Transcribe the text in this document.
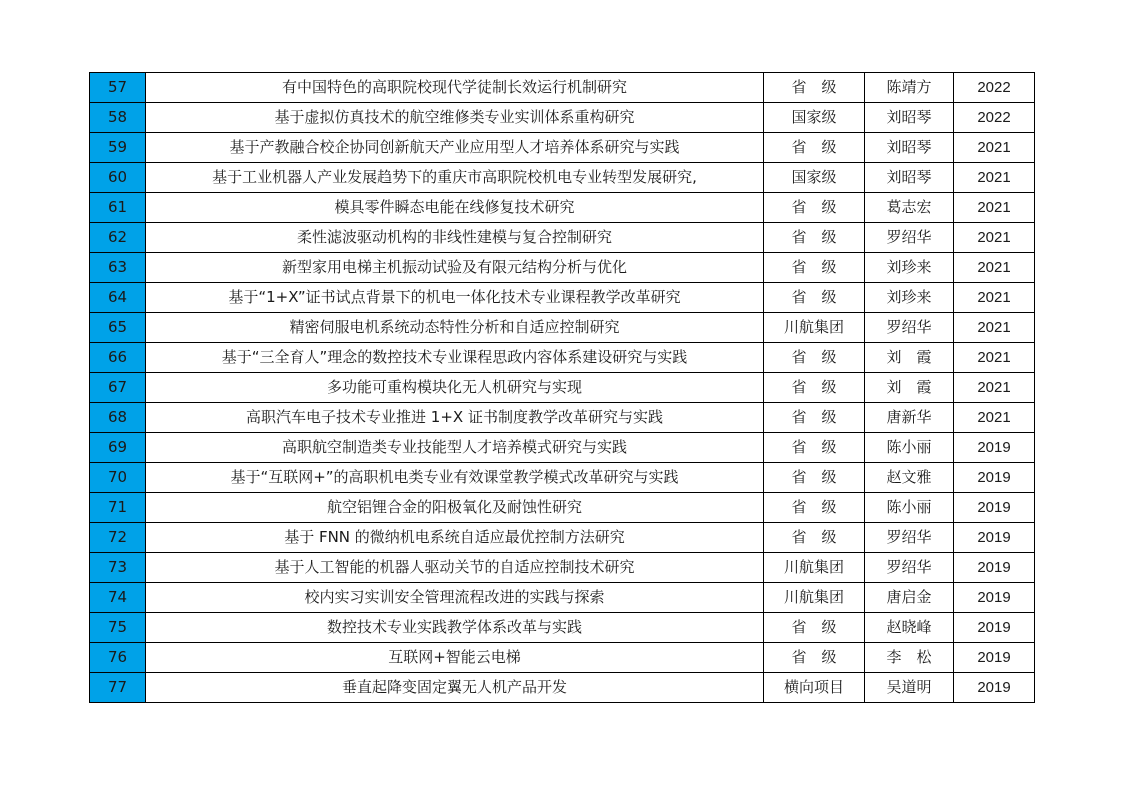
57	有中国特色的高职院校现代学徒制长效运行机制研究	省　级	陈靖方	2022
58	基于虚拟仿真技术的航空维修类专业实训体系重构研究	国家级	刘昭琴	2022
59	基于产教融合校企协同创新航天产业应用型人才培养体系研究与实践	省　级	刘昭琴	2021
60	基于工业机器人产业发展趋势下的重庆市高职院校机电专业转型发展研究,	国家级	刘昭琴	2021
61	模具零件瞬态电能在线修复技术研究	省　级	葛志宏	2021
62	柔性滤波驱动机构的非线性建模与复合控制研究	省　级	罗绍华	2021
63	新型家用电梯主机振动试验及有限元结构分析与优化	省　级	刘珍来	2021
64	基于“1+X”证书试点背景下的机电一体化技术专业课程教学改革研究	省　级	刘珍来	2021
65	精密伺服电机系统动态特性分析和自适应控制研究	川航集团	罗绍华	2021
66	基于“三全育人”理念的数控技术专业课程思政内容体系建设研究与实践	省　级	刘　霞	2021
67	多功能可重构模块化无人机研究与实现	省　级	刘　霞	2021
68	高职汽车电子技术专业推进 1+X 证书制度教学改革研究与实践	省　级	唐新华	2021
69	高职航空制造类专业技能型人才培养模式研究与实践	省　级	陈小丽	2019
70	基于“互联网+”的高职机电类专业有效课堂教学模式改革研究与实践	省　级	赵文雅	2019
71	航空铝锂合金的阳极氧化及耐蚀性研究	省　级	陈小丽	2019
72	基于 FNN 的微纳机电系统自适应最优控制方法研究	省　级	罗绍华	2019
73	基于人工智能的机器人驱动关节的自适应控制技术研究	川航集团	罗绍华	2019
74	校内实习实训安全管理流程改进的实践与探索	川航集团	唐启金	2019
75	数控技术专业实践教学体系改革与实践	省　级	赵晓峰	2019
76	互联网+智能云电梯	省　级	李　松	2019
77	垂直起降变固定翼无人机产品开发	横向项目	吴道明	2019
